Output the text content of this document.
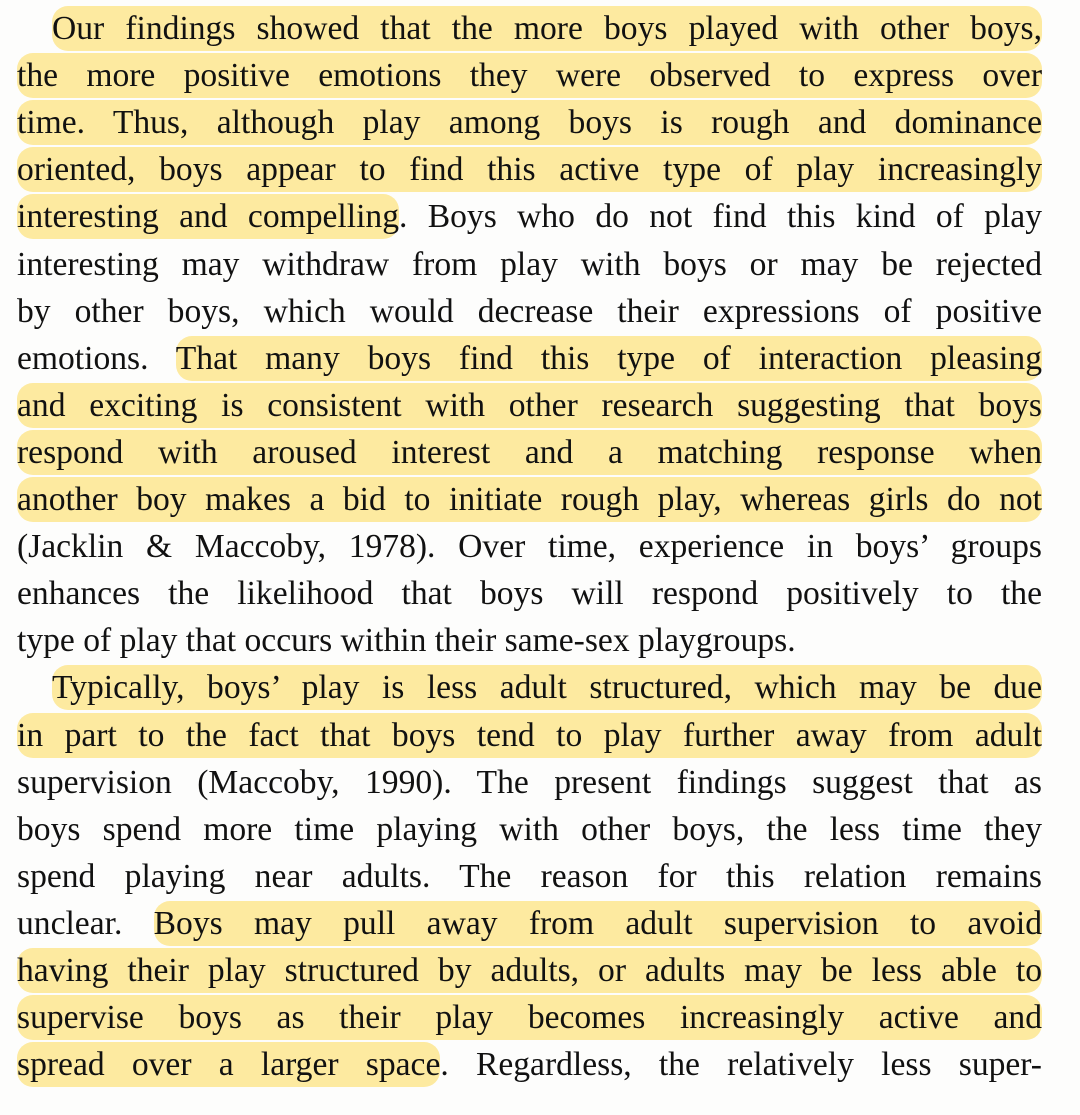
Our findings showed that the more boys played with other boys,
the more positive emotions they were observed to express over
time. Thus, although play among boys is rough and dominance
oriented, boys appear to find this active type of play increasingly
interesting and compelling. Boys who do not find this kind of play
interesting may withdraw from play with boys or may be rejected
by other boys, which would decrease their expressions of positive
emotions. That many boys find this type of interaction pleasing
and exciting is consistent with other research suggesting that boys
respond with aroused interest and a matching response when
another boy makes a bid to initiate rough play, whereas girls do not
(Jacklin & Maccoby, 1978). Over time, experience in boys’ groups
enhances the likelihood that boys will respond positively to the
type of play that occurs within their same-sex playgroups.
Typically, boys’ play is less adult structured, which may be due
in part to the fact that boys tend to play further away from adult
supervision (Maccoby, 1990). The present findings suggest that as
boys spend more time playing with other boys, the less time they
spend playing near adults. The reason for this relation remains
unclear. Boys may pull away from adult supervision to avoid
having their play structured by adults, or adults may be less able to
supervise boys as their play becomes increasingly active and
spread over a larger space. Regardless, the relatively less super-
